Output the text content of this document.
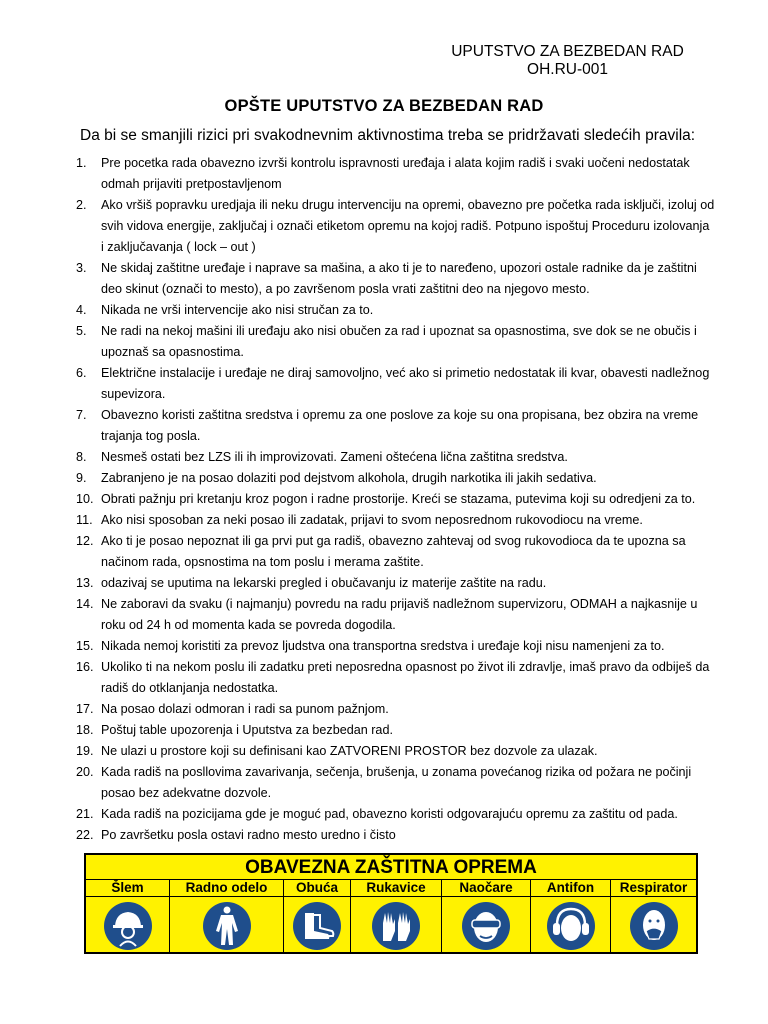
UPUTSTVO ZA BEZBEDAN RAD
OH.RU-001
OPŠTE UPUTSTVO ZA BEZBEDAN RAD
Da bi se smanjili rizici pri svakodnevnim aktivnostima treba se pridržavati sledećih pravila:
1. Pre pocetka rada obavezno izvrši kontrolu ispravnosti uređaja i alata kojim radiš i svaki uočeni nedostatak
odmah prijaviti pretpostavljenom
2. Ako vršiš popravku uredjaja ili neku drugu intervenciju na opremi, obavezno pre početka rada isključi, izoluj od
svih vidova energije, zaključaj i označi etiketom opremu na kojoj radiš. Potpuno ispoštuj Proceduru izolovanja
i zaključavanja ( lock – out )
3. Ne skidaj zaštitne uređaje i naprave sa mašina, a ako ti je to naređeno, upozori ostale radnike da je zaštitni
deo skinut (označi to mesto), a po završenom posla vrati zaštitni deo na njegovo mesto.
4. Nikada ne vrši intervencije ako nisi stručan za to.
5. Ne radi na nekoj mašini ili uređaju ako nisi obučen za rad i upoznat sa opasnostima, sve dok se ne obučis i
upoznaš sa opasnostima.
6. Električne instalacije i uređaje ne diraj samovoljno, već ako si primetio nedostatak ili kvar, obavesti nadležnog
supevizora.
7. Obavezno koristi zaštitna sredstva i opremu za one poslove za koje su ona propisana, bez obzira na vreme
trajanja tog posla.
8. Nesmeš ostati bez LZS ili ih improvizovati. Zameni oštećena lična zaštitna sredstva.
9. Zabranjeno je na posao dolaziti pod dejstvom alkohola, drugih narkotika ili jakih sedativa.
10. Obrati pažnju pri kretanju kroz pogon i radne prostorije. Kreći se stazama, putevima koji su odredjeni za to.
11. Ako nisi sposoban za neki posao ili zadatak, prijavi to svom neposrednom rukovodiocu na vreme.
12. Ako ti je posao nepoznat ili ga prvi put ga radiš, obavezno zahtevaj od svog rukovodioca da te upozna sa
načinom rada, opsnostima na tom poslu i merama zaštite.
13. odazivaj se uputima na lekarski pregled i obučavanju iz materije zaštite na radu.
14. Ne zaboravi da svaku (i najmanju) povredu na radu prijaviš nadležnom supervizoru, ODMAH a najkasnije u
roku od 24 h od momenta kada se povreda dogodila.
15. Nikada nemoj koristiti za prevoz ljudstva ona transportna sredstva i uređaje koji nisu namenjeni za to.
16. Ukoliko ti na nekom poslu ili zadatku preti neposredna opasnost po život ili zdravlje, imaš pravo da odbiješ da
radiš do otklanjanja nedostatka.
17. Na posao dolazi odmoran i radi sa punom pažnjom.
18. Poštuj table upozorenja i Uputstva za bezbedan rad.
19. Ne ulazi u prostore koji su definisani kao ZATVORENI PROSTOR bez dozvole za ulazak.
20. Kada radiš na posllovima zavarivanja, sečenja, brušenja, u zonama povećanog rizika od požara ne počinji
posao bez adekvatne dozvole.
21. Kada radiš na pozicijama gde je moguć pad, obavezno koristi odgovarajuću opremu za zaštitu od pada.
22. Po završetku posla ostavi radno mesto uredno i čisto
OBAVEZNA ZAŠTITNA OPREMA
Šlem	Radno odelo	Obuća	Rukavice	Naočare	Antifon	Respirator
